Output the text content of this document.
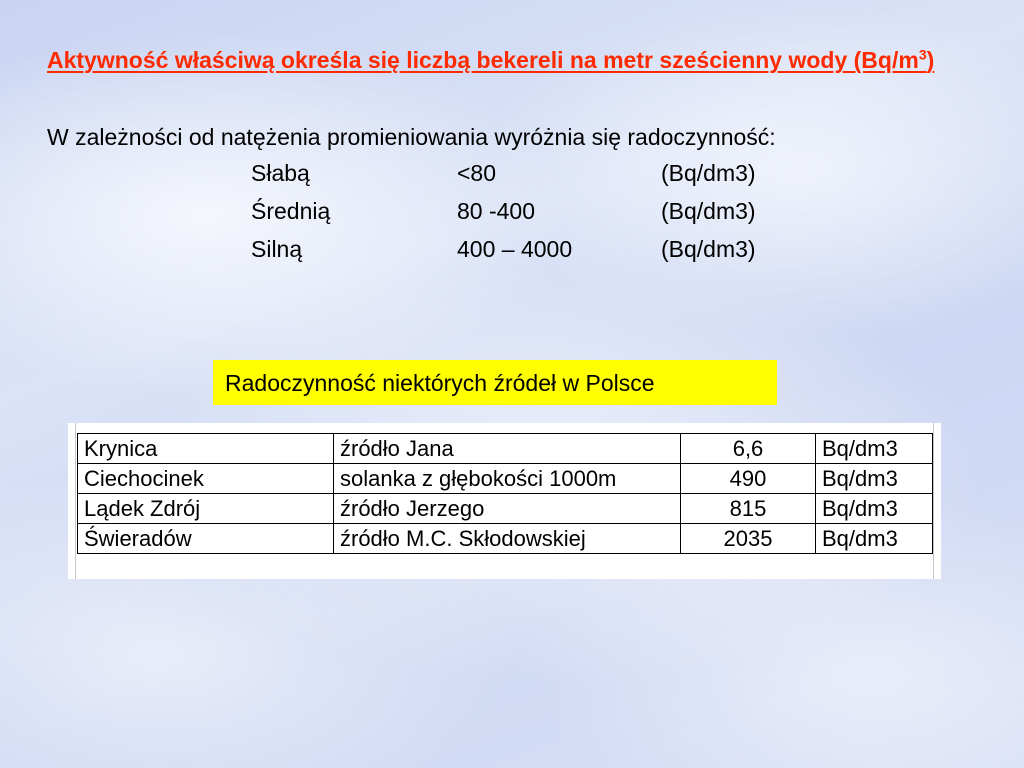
Aktywność właściwą określa się liczbą bekereli na metr sześcienny wody $(Bq/m^3)$
W zależności od natężenia promieniowania wyróżnia się radoczynność:
Słabą	<80	(Bq/dm3)
Średnią	80 -400	(Bq/dm3)
Silną	400 – 4000	(Bq/dm3)
Radoczynność niektórych źródeł w Polsce
Krynica	źródło Jana	6,6	Bq/dm3
Ciechocinek	solanka z głębokości 1000m	490	Bq/dm3
Lądek Zdrój	źródło Jerzego	815	Bq/dm3
Świeradów	źródło M.C. Skłodowskiej	2035	Bq/dm3
